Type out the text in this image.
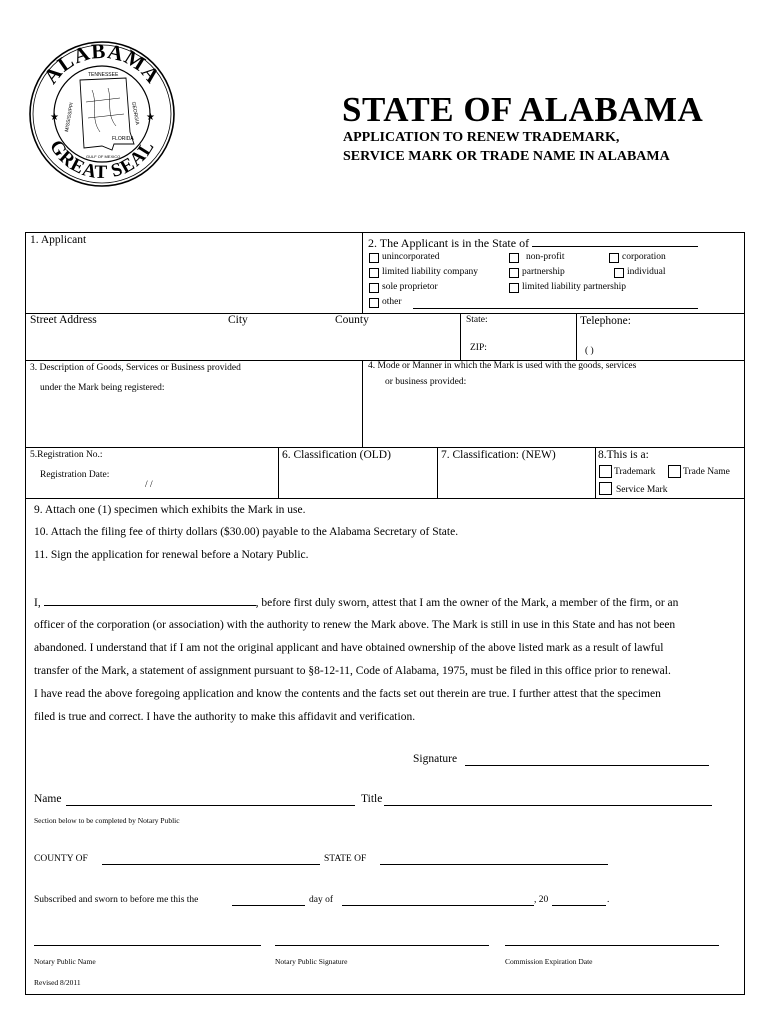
ALABAMA
GREAT SEAL
★	★
TENNESSEE
GEORGIA
MISSISSIPPI
FLORIDA
GULF OF MEXICO
STATE OF ALABAMA
APPLICATION TO RENEW TRADEMARK,
SERVICE MARK OR TRADE NAME IN ALABAMA
1. Applicant	2. The Applicant is in the State of
unincorporated	non-profit	corporation
limited liability company	partnership	individual
sole proprietor	limited liability partnership
other
Street Address	City	County	State:
ZIP:
Telephone:
( )
3. Description of Goods, Services or Business provided
under the Mark being registered:
4. Mode or Manner in which the Mark is used with the goods, services
or business provided:
5.Registration No.:
Registration Date:
/ /
6. Classification (OLD)	7. Classification: (NEW)	8.This is a:
Trademark	Trade Name
Service Mark
9. Attach one (1) specimen which exhibits the Mark in use.
10. Attach the filing fee of thirty dollars ($30.00) payable to the Alabama Secretary of State.
11. Sign the application for renewal before a Notary Public.
I,	, before first duly sworn, attest that I am the owner of the Mark, a member of the firm, or an
officer of the corporation (or association) with the authority to renew the Mark above. The Mark is still in use in this State and has not been
abandoned. I understand that if I am not the original applicant and have obtained ownership of the above listed mark as a result of lawful
transfer of the Mark, a statement of assignment pursuant to §8-12-11, Code of Alabama, 1975, must be filed in this office prior to renewal.
I have read the above foregoing application and know the contents and the facts set out therein are true. I further attest that the specimen
filed is true and correct. I have the authority to make this affidavit and verification.
Signature
Name	Title
Section below to be completed by Notary Public
COUNTY OF	STATE OF
Subscribed and sworn to before me this the	day of	, 20	.
Notary Public Name	Notary Public Signature	Commission Expiration Date
Revised 8/2011
